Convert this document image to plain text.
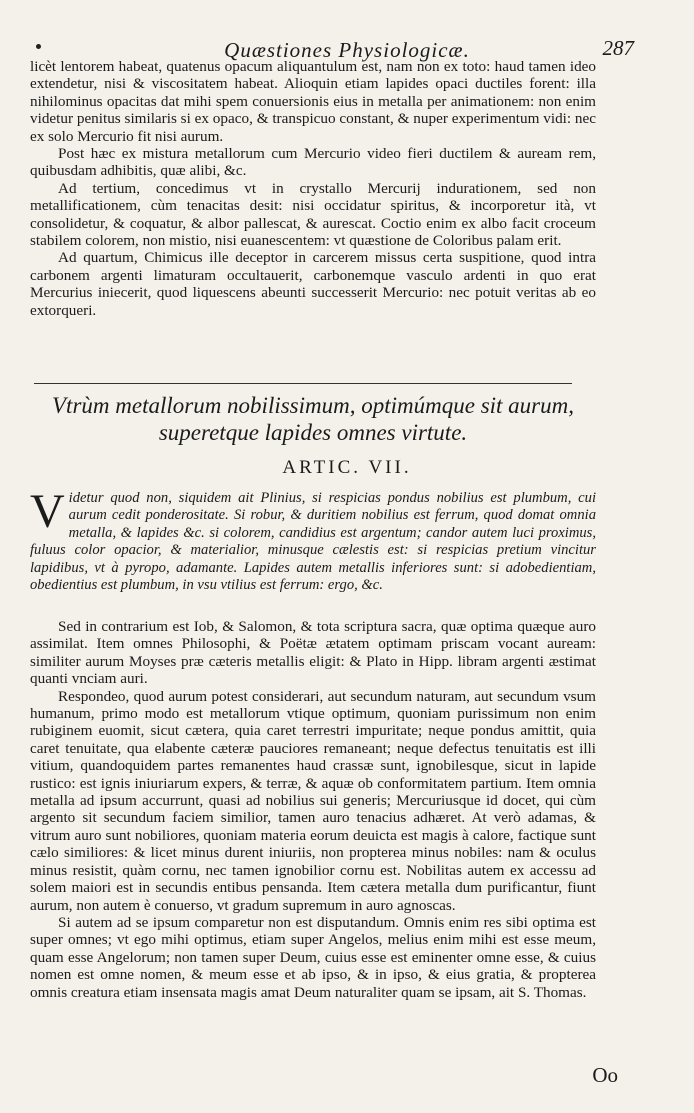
Quæstiones Physiologicæ.	287

licèt lentorem habeat, quatenus opacum aliquantulum est, nam non ex toto: haud tamen ideo extendetur, nisi & viscositatem habeat. Alioquin etiam lapides opaci ductiles forent: illa nihilominus opacitas dat mihi spem conuersionis eius in metalla per animationem: non enim videtur penitus similaris si ex opaco, & transpicuo constant, & nuper experimentum vidi: nec ex solo Mercurio fit nisi aurum.

Post hæc ex mistura metallorum cum Mercurio video fieri ductilem & auream rem, quibusdam adhibitis, quæ alibi, &c.

Ad tertium, concedimus vt in crystallo Mercurij indurationem, sed non metallificationem, cùm tenacitas desit: nisi occidatur spiritus, & incorporetur ità, vt consolidetur, & coquatur, & albor pallescat, & aurescat. Coctio enim ex albo facit croceum stabilem colorem, non mistio, nisi euanescentem: vt quæstione de Coloribus palam erit.

Ad quartum, Chimicus ille deceptor in carcerem missus certa suspitione, quod intra carbonem argenti limaturam occultauerit, carbonemque vasculo ardenti in quo erat Mercurius iniecerit, quod liquescens abeunti successerit Mercurio: nec potuit veritas ab eo extorqueri.

Vtrùm metallorum nobilissimum, optimúmque sit aurum, superetque lapides omnes virtute.
ARTIC. VII.

Videtur quod non, siquidem ait Plinius, si respicias pondus nobilius est plumbum, cui aurum cedit ponderositate. Si robur, & duritiem nobilius est ferrum, quod domat omnia metalla, & lapides &c. si colorem, candidius est argentum; candor autem luci proximus, fuluus color opacior, & materialior, minusque cælestis est: si respicias pretium vincitur lapidibus, vt à pyropo, adamante. Lapides autem metallis inferiores sunt: si adobedientiam, obedientius est plumbum, in vsu vtilius est ferrum: ergo, &c.

Sed in contrarium est Iob, & Salomon, & tota scriptura sacra, quæ optima quæque auro assimilat. Item omnes Philosophi, & Poëtæ ætatem optimam priscam vocant auream: similiter aurum Moyses præ cæteris metallis eligit: & Plato in Hipp. libram argenti æstimat quanti vnciam auri.

Respondeo, quod aurum potest considerari, aut secundum naturam, aut secundum vsum humanum, primo modo est metallorum vtique optimum, quoniam purissimum non enim rubiginem euomit, sicut cætera, quia caret terrestri impuritate; neque pondus amittit, quia caret tenuitate, qua elabente cæteræ pauciores remaneant; neque defectus tenuitatis est illi vitium, quandoquidem partes remanentes haud crassæ sunt, ignobilesque, sicut in lapide rustico: est ignis iniuriarum expers, & terræ, & aquæ ob conformitatem partium. Item omnia metalla ad ipsum accurrunt, quasi ad nobilius sui generis; Mercuriusque id docet, qui cùm argento sit secundum faciem similior, tamen auro tenacius adhæret. At verò adamas, & vitrum auro sunt nobiliores, quoniam materia eorum deuicta est magis à calore, factique sunt cælo similiores: & licet minus durent iniuriis, non propterea minus nobiles: nam & oculus minus resistit, quàm cornu, nec tamen ignobilior cornu est. Nobilitas autem ex accessu ad solem maiori est in secundis entibus pensanda. Item cætera metalla dum purificantur, fiunt aurum, non autem è conuerso, vt gradum supremum in auro agnoscas.

Si autem ad se ipsum comparetur non est disputandum. Omnis enim res sibi optima est super omnes; vt ego mihi optimus, etiam super Angelos, melius enim mihi est esse meum, quam esse Angelorum; non tamen super Deum, cuius esse est eminenter omne esse, & cuius nomen est omne nomen, & meum esse et ab ipso, & in ipso, & eius gratia, & propterea omnis creatura etiam insensata magis amat Deum naturaliter quam se ipsam, ait S. Thomas.

Oo
